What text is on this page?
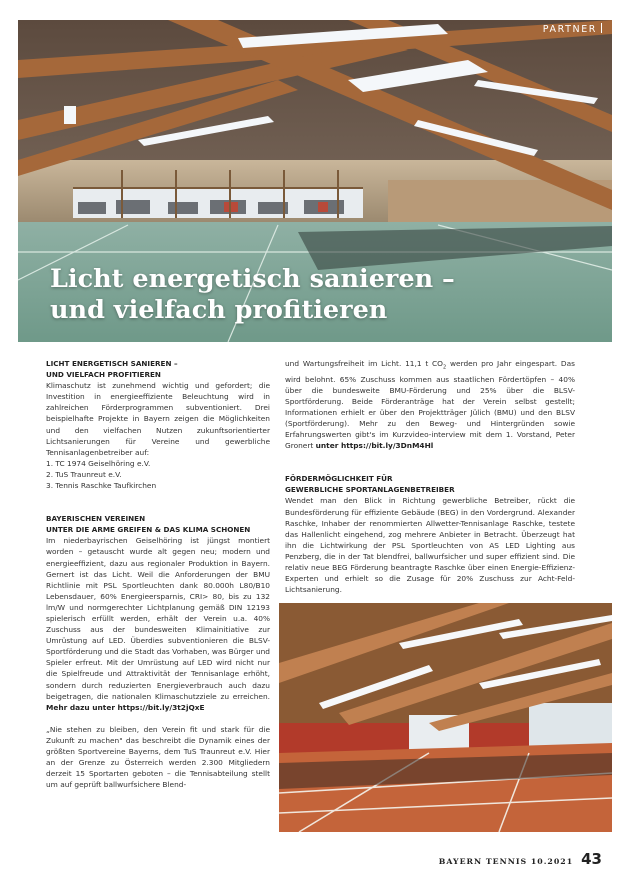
PARTNER
Licht energetisch sanieren –
und vielfach profitieren
LICHT ENERGETISCH SANIEREN –
UND VIELFACH PROFITIEREN

Klimaschutz ist zunehmend wichtig und gefordert; die Investition in energieeffiziente Beleuchtung wird in zahlreichen Förderprogrammen subventioniert. Drei beispielhafte Projekte in Bayern zeigen die Möglichkeiten und den vielfachen Nutzen zukunftsorientierter Lichtsanierungen für Vereine und gewerbliche Tennisanlagenbetreiber auf:

1. TC 1974 Geiselhöring e.V.
2. TuS Traunreut e.V.
3. Tennis Raschke Taufkirchen
BAYERISCHEN VEREINEN
UNTER DIE ARME GREIFEN & DAS KLIMA SCHONEN

Im niederbayrischen Geiselhöring ist jüngst montiert worden – getauscht wurde alt gegen neu; modern und energieeffizient, dazu aus regionaler Produktion in Bayern. Gernert ist das Licht. Weil die Anforderungen der BMU Richtlinie mit PSL Sportleuchten dank 80.000h L80/B10 Lebensdauer, 60% Energieersparnis, CRI> 80, bis zu 132 lm/W und normgerechter Lichtplanung gemäß DIN 12193 spielerisch erfüllt werden, erhält der Verein u.a. 40% Zuschuss aus der bundesweiten Klimainitiative zur Umrüstung auf LED. Überdies subventionieren die BLSV-Sportförderung und die Stadt das Vorhaben, was Bürger und Spieler erfreut. Mit der Umrüstung auf LED wird nicht nur die Spielfreude und Attraktivität der Tennisanlage erhöht, sondern durch reduzierten Energieverbrauch auch dazu beigetragen, die nationalen Klimaschutzziele zu erreichen. Mehr dazu unter https://bit.ly/3t2jQxE

„Nie stehen zu bleiben, den Verein fit und stark für die Zukunft zu machen" das beschreibt die Dynamik eines der größten Sportvereine Bayerns, dem TuS Traunreut e.V. Hier an der Grenze zu Österreich werden 2.300 Mitgliedern derzeit 15 Sportarten geboten – die Tennisabteilung stellt um auf geprüft ballwurfsichere Blend-

und Wartungsfreiheit im Licht. 11,1 t $CO_2$ werden pro Jahr eingespart. Das wird belohnt. 65% Zuschuss kommen aus staatlichen Fördertöpfen – 40% über die bundesweite BMU-Förderung und 25% über die BLSV-Sportförderung. Beide Förderanträge hat der Verein selbst gestellt; Informationen erhielt er über den Projektträger Jülich (BMU) und den BLSV (Sportförderung). Mehr zu den Beweg- und Hintergründen sowie Erfahrungswerten gibt's im Kurzvideo-interview mit dem 1. Vorstand, Peter Gronert unter https://bit.ly/3DnM4Hl

FÖRDERMÖGLICHKEIT FÜR
GEWERBLICHE SPORTANLAGENBETREIBER

Wendet man den Blick in Richtung gewerbliche Betreiber, rückt die Bundesförderung für effiziente Gebäude (BEG) in den Vordergrund. Alexander Raschke, Inhaber der renommierten Allwetter-Tennisanlage Raschke, testete das Hallenlicht eingehend, zog mehrere Anbieter in Betracht. Überzeugt hat ihn die Lichtwirkung der PSL Sportleuchten von AS LED Lighting aus Penzberg, die in der Tat blendfrei, ballwurfsicher und super effizient sind. Die relativ neue BEG Förderung beantragte Raschke über einen Energie-Effizienz-Experten und erhielt so die Zusage für 20% Zuschuss zur Acht-Feld-Lichtsanierung.

BAYERN TENNIS 10.2021 43
